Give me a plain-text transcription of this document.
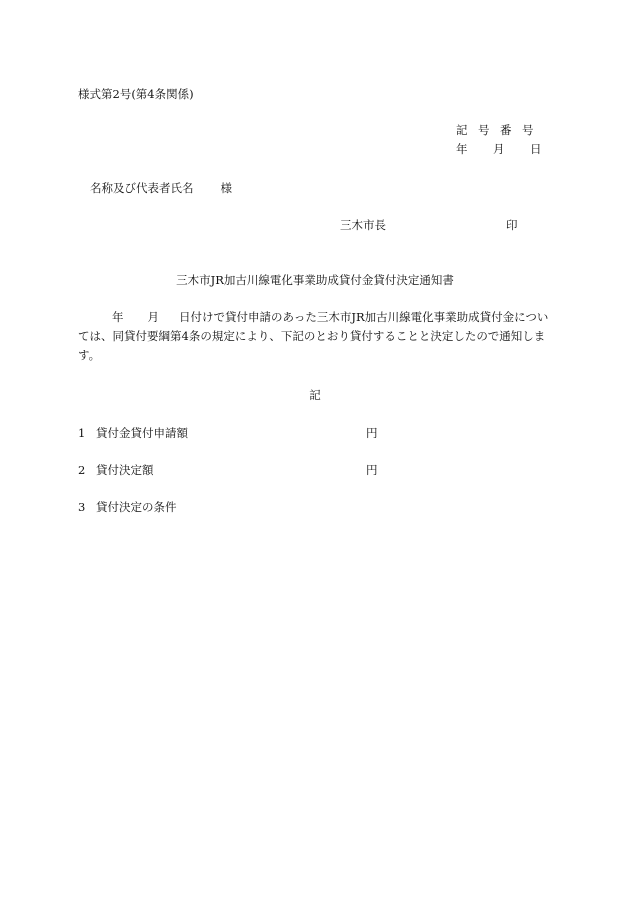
様式第2号(第4条関係)
記 号 番 号
年 月 日
名称及び代表者氏名 様
三木市長	印
三木市JR加古川線電化事業助成貸付金貸付決定通知書
年 月 日付けで貸付申請のあった三木市JR加古川線電化事業助成貸付金については、同貸付要綱第4条の規定により、下記のとおり貸付することと決定したので通知します。
記
1 貸付金貸付申請額	円
2 貸付決定額	円
3 貸付決定の条件
